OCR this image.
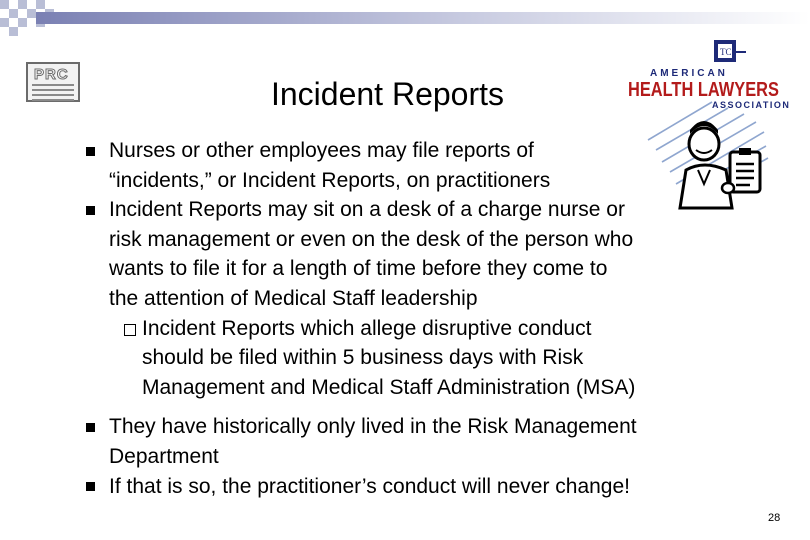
PRC
Incident Reports
TC
AMERICAN
HEALTH LAWYERS
ASSOCIATION
Nurses or other employees may file reports of
“incidents,” or Incident Reports, on practitioners
Incident Reports may sit on a desk of a charge nurse or
risk management or even on the desk of the person who
wants to file it for a length of time before they come to
the attention of Medical Staff leadership
Incident Reports which allege disruptive conduct
should be filed within 5 business days with Risk
Management and Medical Staff Administration (MSA)
They have historically only lived in the Risk Management
Department
If that is so, the practitioner’s conduct will never change!
28
